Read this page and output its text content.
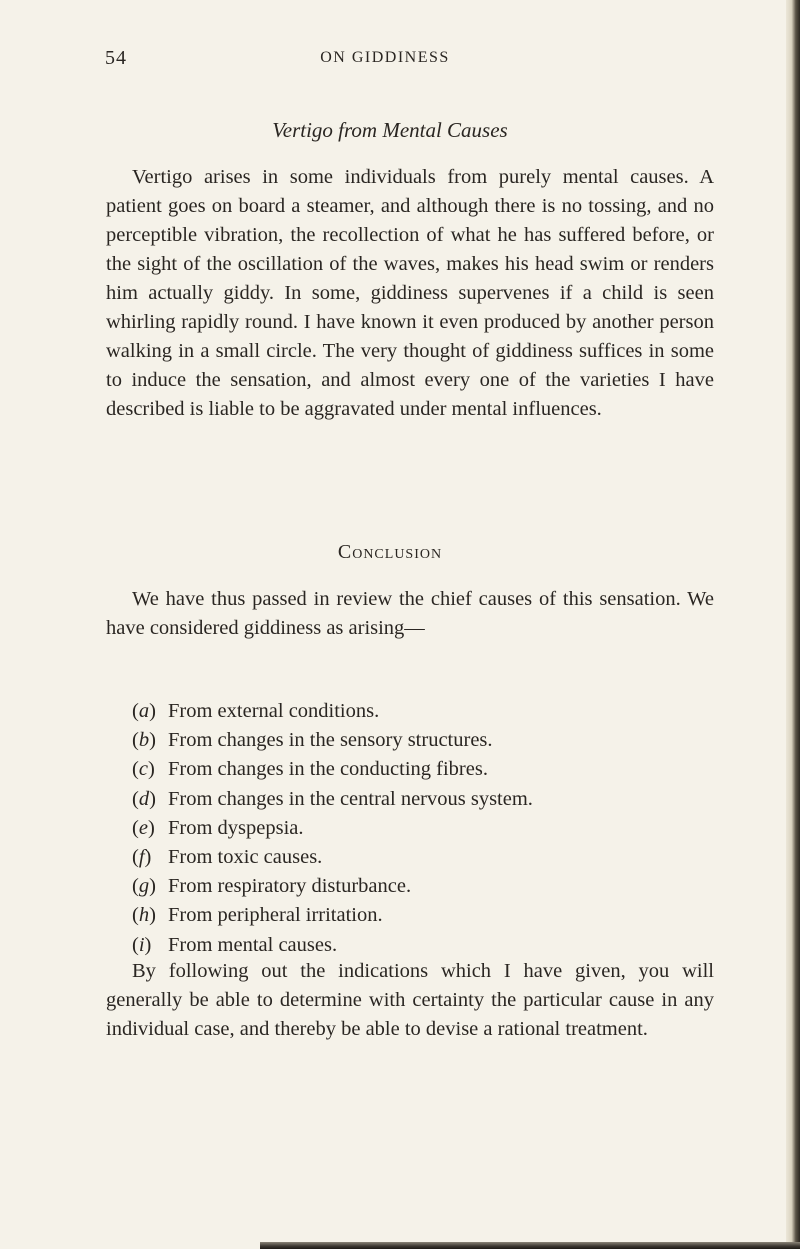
54	ON GIDDINESS
Vertigo from Mental Causes

Vertigo arises in some individuals from purely mental causes. A patient goes on board a steamer, and although there is no tossing, and no perceptible vibration, the recollection of what he has suffered before, or the sight of the oscillation of the waves, makes his head swim or renders him actually giddy. In some, giddiness supervenes if a child is seen whirling rapidly round. I have known it even produced by another person walking in a small circle. The very thought of giddiness suffices in some to induce the sensation, and almost every one of the varieties I have described is liable to be aggravated under mental influences.

Conclusion

We have thus passed in review the chief causes of this sensation. We have considered giddiness as arising—

(a) From external conditions.
(b) From changes in the sensory structures.
(c) From changes in the conducting fibres.
(d) From changes in the central nervous system.
(e) From dyspepsia.
(f) From toxic causes.
(g) From respiratory disturbance.
(h) From peripheral irritation.
(i) From mental causes.

By following out the indications which I have given, you will generally be able to determine with certainty the particular cause in any individual case, and thereby be able to devise a rational treatment.
